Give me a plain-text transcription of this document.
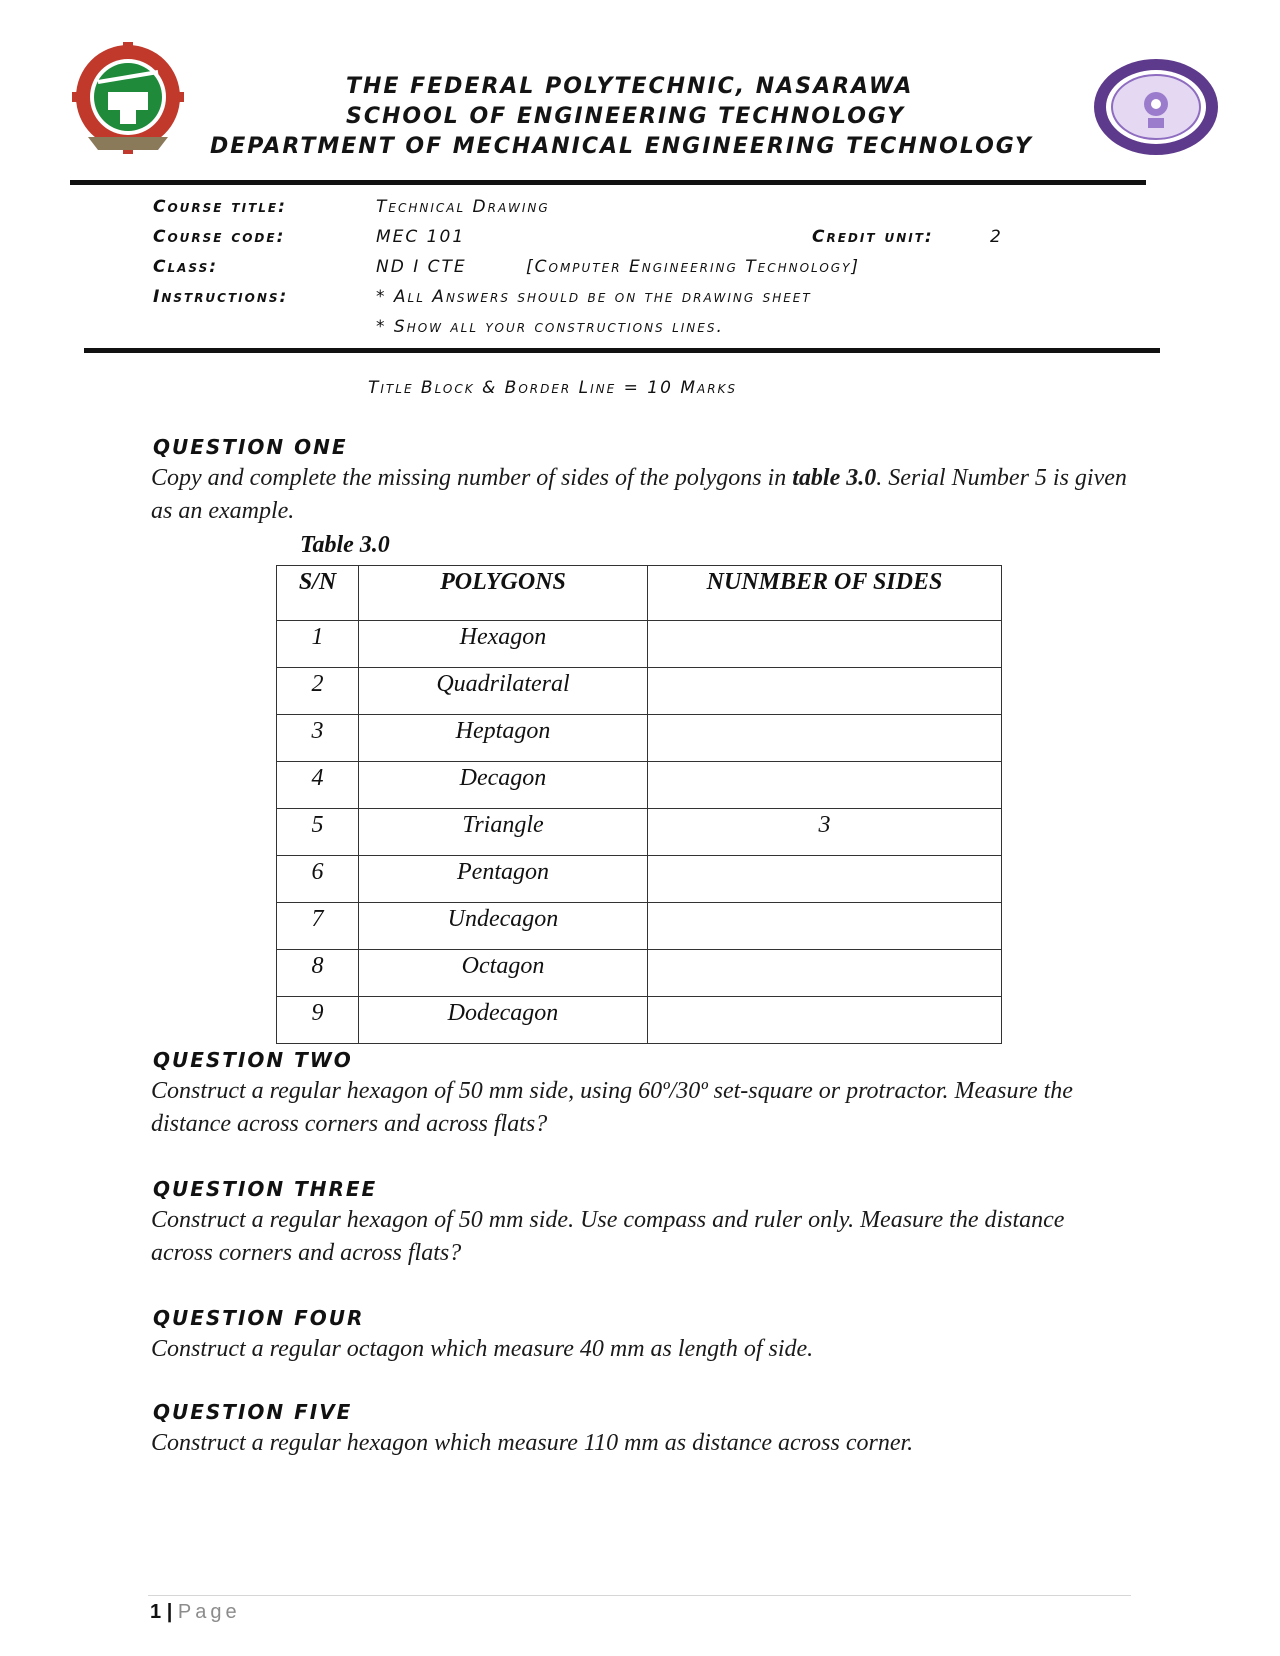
THE FEDERAL POLYTECHNIC, NASARAWA
SCHOOL OF ENGINEERING TECHNOLOGY
DEPARTMENT OF MECHANICAL ENGINEERING TECHNOLOGY
Course title:	Technical Drawing
Course code:	MEC 101	Credit unit:	2
Class:	ND I CTE	[Computer Engineering Technology]
Instructions:	* All Answers should be on the drawing sheet
* Show all your constructions lines.
Title Block & Border Line = 10 Marks
QUESTION ONE
Copy and complete the missing number of sides of the polygons in table 3.0. Serial Number 5 is given as an example.
Table 3.0
S/N	POLYGONS	NUNMBER OF SIDES
1	Hexagon	
2	Quadrilateral	
3	Heptagon	
4	Decagon	
5	Triangle	3
6	Pentagon	
7	Undecagon	
8	Octagon	
9	Dodecagon	
QUESTION TWO
Construct a regular hexagon of 50 mm side, using 60º/30º set-square or protractor. Measure the distance across corners and across flats?
QUESTION THREE
Construct a regular hexagon of 50 mm side. Use compass and ruler only. Measure the distance across corners and across flats?
QUESTION FOUR
Construct a regular octagon which measure 40 mm as length of side.
QUESTION FIVE
Construct a regular hexagon which measure 110 mm as distance across corner.
1 | Page
